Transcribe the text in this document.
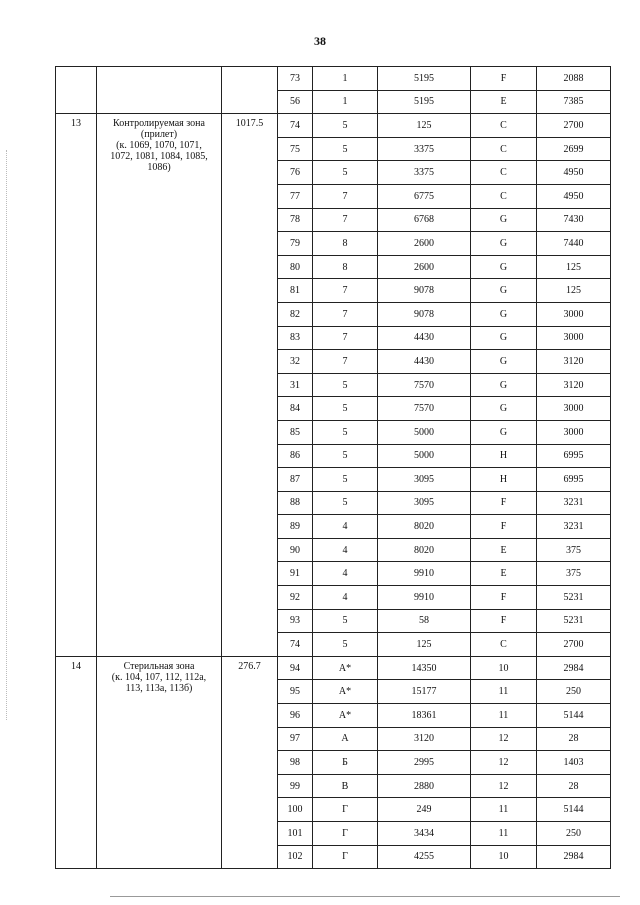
38
			73	1	5195	F	2088
			56	1	5195	E	7385
13	Контролируемая зона
(прилет)
(к. 1069, 1070, 1071,
1072, 1081, 1084, 1085,
1086)	1017.5	74	5	125	C	2700
			75	5	3375	C	2699
			76	5	3375	C	4950
			77	7	6775	C	4950
			78	7	6768	G	7430
			79	8	2600	G	7440
			80	8	2600	G	125
			81	7	9078	G	125
			82	7	9078	G	3000
			83	7	4430	G	3000
			32	7	4430	G	3120
			31	5	7570	G	3120
			84	5	7570	G	3000
			85	5	5000	G	3000
			86	5	5000	H	6995
			87	5	3095	H	6995
			88	5	3095	F	3231
			89	4	8020	F	3231
			90	4	8020	E	375
			91	4	9910	E	375
			92	4	9910	F	5231
			93	5	58	F	5231
			74	5	125	C	2700
14	Стерильная зона
(к. 104, 107, 112, 112а,
113, 113а, 113б)	276.7	94	A*	14350	10	2984
			95	A*	15177	11	250
			96	A*	18361	11	5144
			97	A	3120	12	28
			98	Б	2995	12	1403
			99	В	2880	12	28
			100	Г	249	11	5144
			101	Г	3434	11	250
			102	Г	4255	10	2984
